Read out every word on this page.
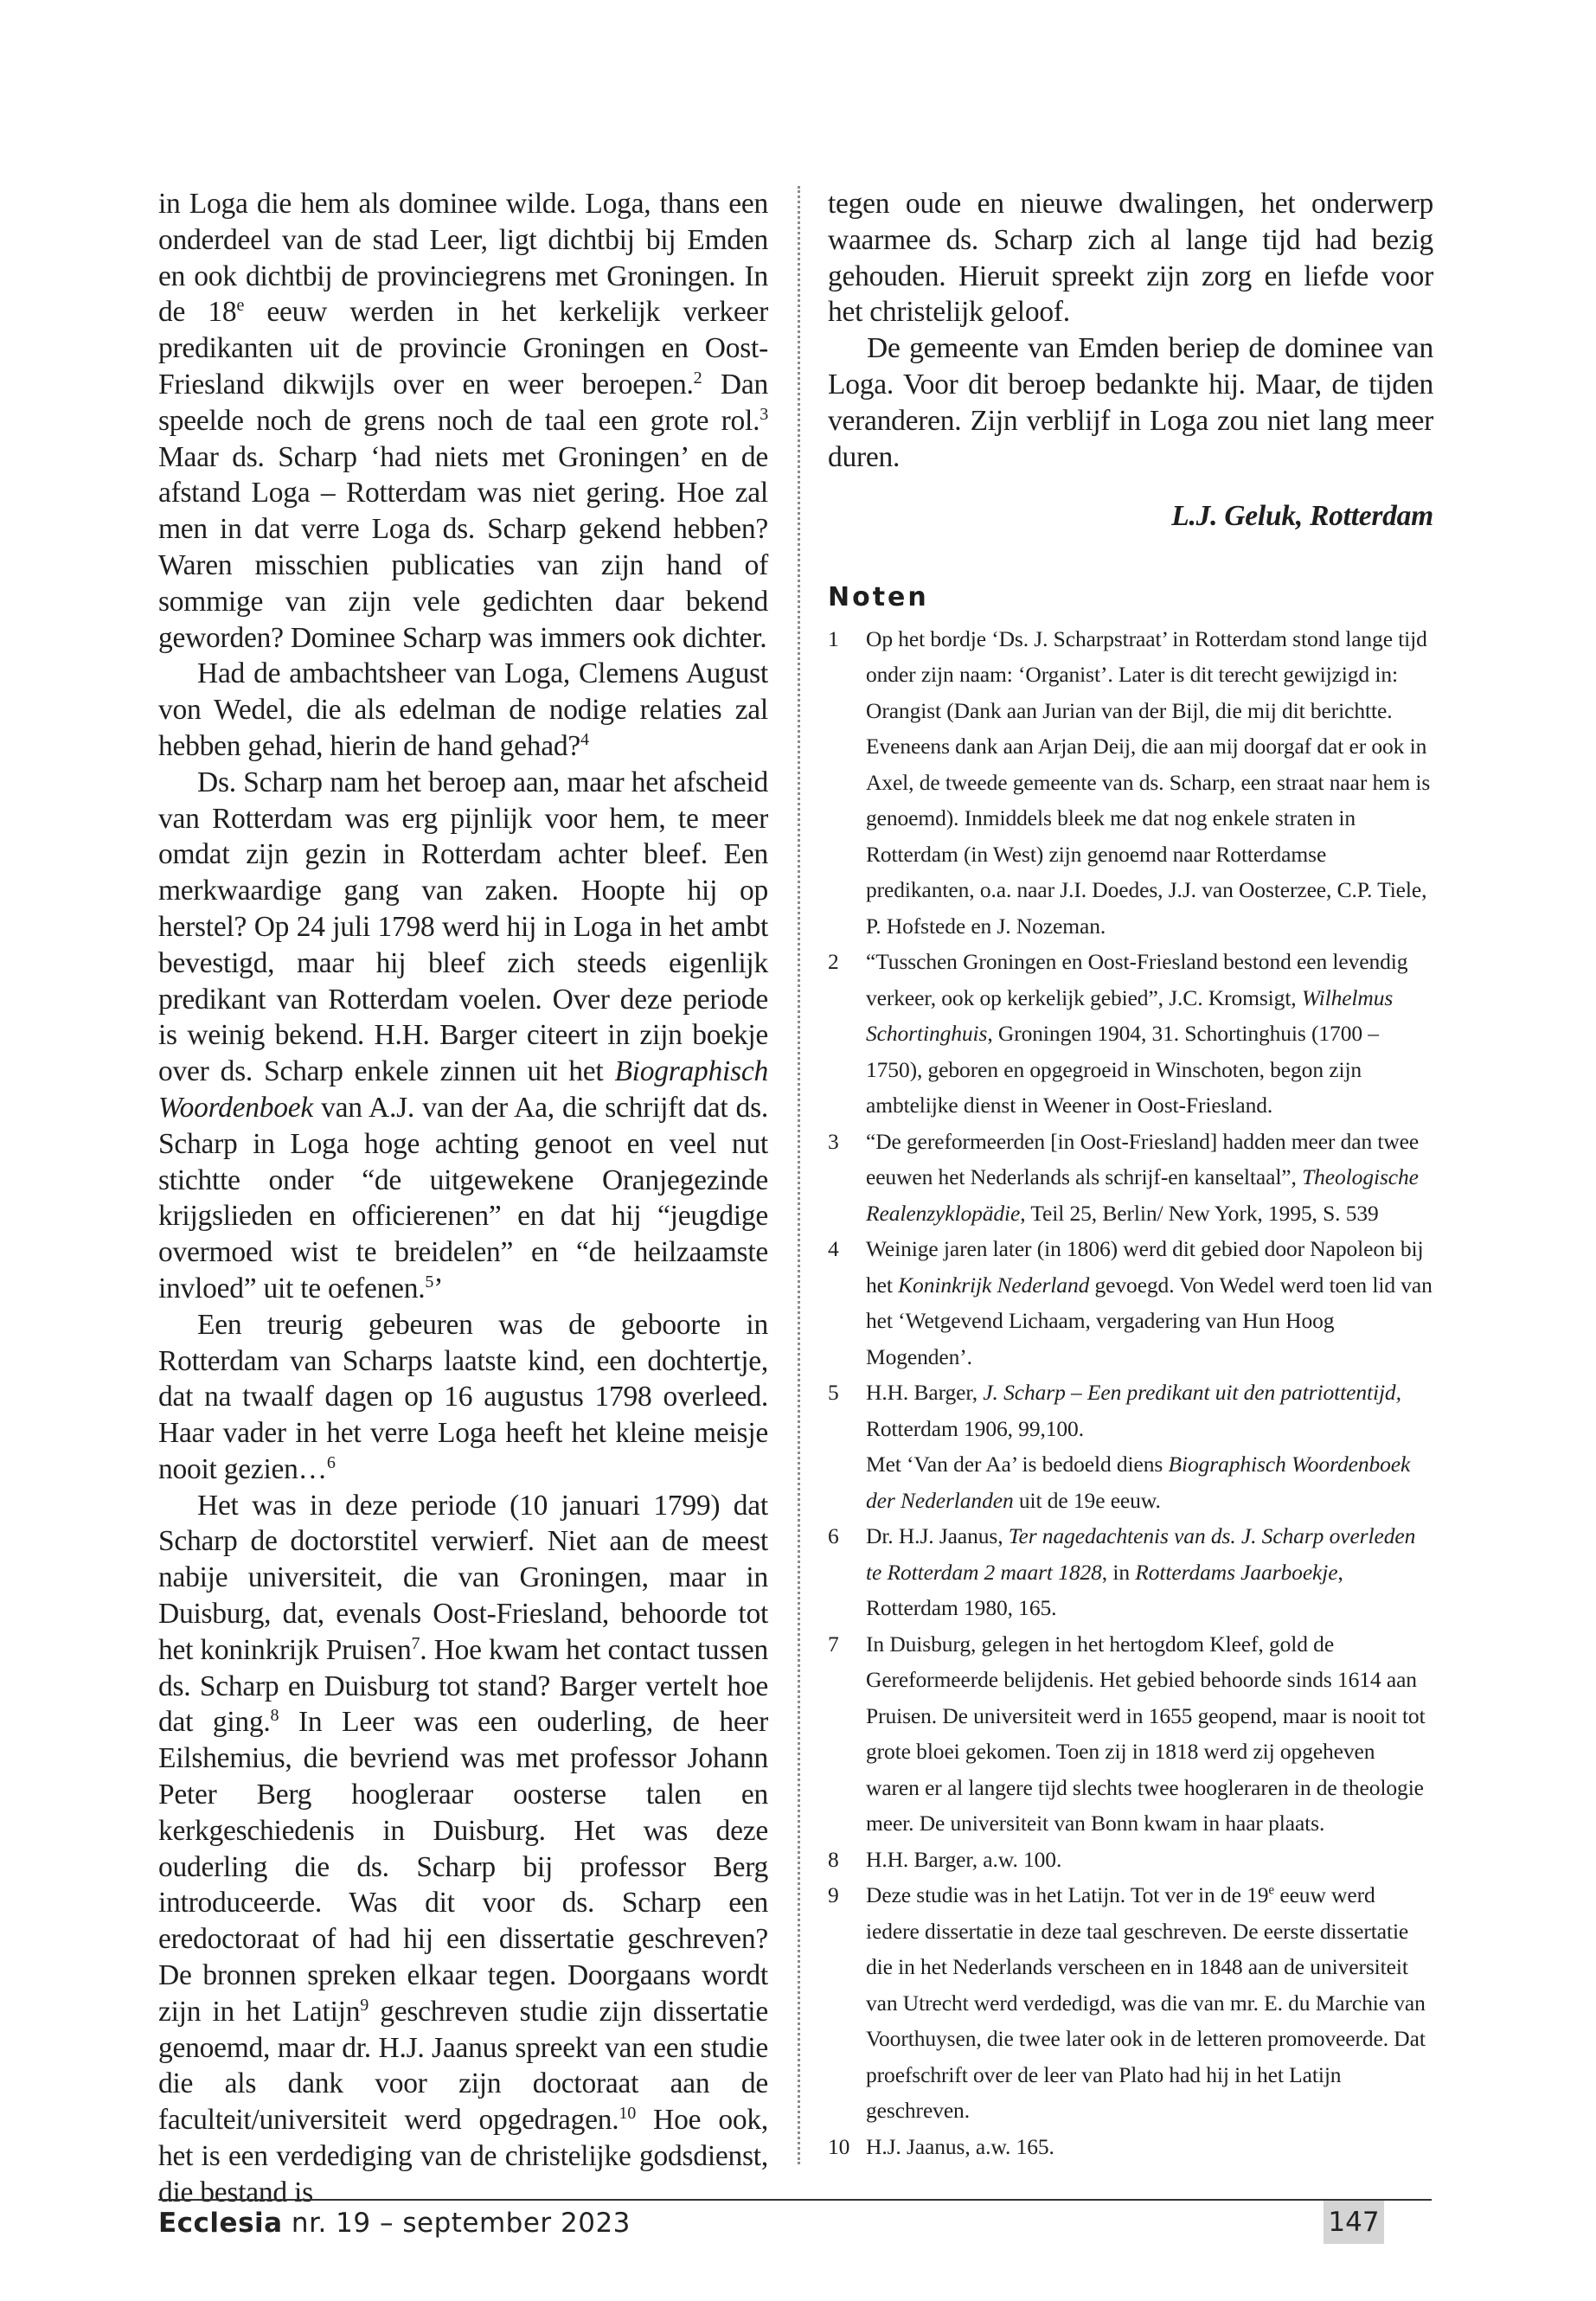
in Loga die hem als dominee wilde. Loga, thans een onderdeel van de stad Leer, ligt dichtbij bij Emden en ook dichtbij de provinciegrens met Groningen. In de 18e eeuw werden in het kerkelijk verkeer predikanten uit de provincie Groningen en Oost-Friesland dikwijls over en weer beroepen.$^2$ Dan speelde noch de grens noch de taal een grote rol.$^3$ Maar ds. Scharp ‘had niets met Groningen’ en de afstand Loga – Rotterdam was niet gering. Hoe zal men in dat verre Loga ds. Scharp gekend hebben? Waren misschien publicaties van zijn hand of sommige van zijn vele gedichten daar bekend geworden? Dominee Scharp was immers ook dichter.

Had de ambachtsheer van Loga, Clemens August von Wedel, die als edelman de nodige relaties zal hebben gehad, hierin de hand gehad?$^4$

Ds. Scharp nam het beroep aan, maar het afscheid van Rotterdam was erg pijnlijk voor hem, te meer omdat zijn gezin in Rotterdam achter bleef. Een merkwaardige gang van zaken. Hoopte hij op herstel? Op 24 juli 1798 werd hij in Loga in het ambt bevestigd, maar hij bleef zich steeds eigenlijk predikant van Rotterdam voelen. Over deze periode is weinig bekend. H.H. Barger citeert in zijn boekje over ds. Scharp enkele zinnen uit het Biographisch Woordenboek van A.J. van der Aa, die schrijft dat ds. Scharp in Loga hoge achting genoot en veel nut stichtte onder “de uitgewekene Oranjegezinde krijgslieden en officierenen” en dat hij “jeugdige overmoed wist te breidelen” en “de heilzaamste invloed” uit te oefenen.$^5$’

Een treurig gebeuren was de geboorte in Rotterdam van Scharps laatste kind, een dochtertje, dat na twaalf dagen op 16 augustus 1798 overleed. Haar vader in het verre Loga heeft het kleine meisje nooit gezien…$^6$

Het was in deze periode (10 januari 1799) dat Scharp de doctorstitel verwierf. Niet aan de meest nabije universiteit, die van Groningen, maar in Duisburg, dat, evenals Oost-Friesland, behoorde tot het koninkrijk Pruisen$^7$. Hoe kwam het contact tussen ds. Scharp en Duisburg tot stand? Barger vertelt hoe dat ging.$^8$ In Leer was een ouderling, de heer Eilshemius, die bevriend was met professor Johann Peter Berg hoogleraar oosterse talen en kerkgeschiedenis in Duisburg. Het was deze ouderling die ds. Scharp bij professor Berg introduceerde. Was dit voor ds. Scharp een eredoctoraat of had hij een dissertatie geschreven? De bronnen spreken elkaar tegen. Doorgaans wordt zijn in het Latijn$^9$ geschreven studie zijn dissertatie genoemd, maar dr. H.J. Jaanus spreekt van een studie die als dank voor zijn doctoraat aan de faculteit/universiteit werd opgedragen.$^{10}$ Hoe ook, het is een verdediging van de christelijke godsdienst, die bestand is

tegen oude en nieuwe dwalingen, het onderwerp waarmee ds. Scharp zich al lange tijd had bezig gehouden. Hieruit spreekt zijn zorg en liefde voor het christelijk geloof.

De gemeente van Emden beriep de dominee van Loga. Voor dit beroep bedankte hij. Maar, de tijden veranderen. Zijn verblijf in Loga zou niet lang meer duren.

L.J. Geluk, Rotterdam
Noten
1	Op het bordje ‘Ds. J. Scharpstraat’ in Rotterdam stond lange tijd onder zijn naam: ‘Organist’. Later is dit terecht gewijzigd in: Orangist (Dank aan Jurian van der Bijl, die mij dit berichtte. Eveneens dank aan Arjan Deij, die aan mij doorgaf dat er ook in Axel, de tweede gemeente van ds. Scharp, een straat naar hem is genoemd). Inmiddels bleek me dat nog enkele straten in Rotterdam (in West) zijn genoemd naar Rotterdamse predikanten, o.a. naar J.I. Doedes, J.J. van Oosterzee, C.P. Tiele, P. Hofstede en J. Nozeman.
2	“Tusschen Groningen en Oost-Friesland bestond een levendig verkeer, ook op kerkelijk gebied”, J.C. Kromsigt, Wilhelmus Schortinghuis, Groningen 1904, 31. Schortinghuis (1700 – 1750), geboren en opgegroeid in Winschoten, begon zijn ambtelijke dienst in Weener in Oost-Friesland.
3	“De gereformeerden [in Oost-Friesland] hadden meer dan twee eeuwen het Nederlands als schrijf-en kanseltaal”, Theologische Realenzyklopädie, Teil 25, Berlin/ New York, 1995, S. 539
4	Weinige jaren later (in 1806) werd dit gebied door Napoleon bij het Koninkrijk Nederland gevoegd. Von Wedel werd toen lid van het ‘Wetgevend Lichaam, vergadering van Hun Hoog Mogenden’.
5	H.H. Barger, J. Scharp – Een predikant uit den patriottentijd, Rotterdam 1906, 99,100.
Met ‘Van der Aa’ is bedoeld diens Biographisch Woordenboek der Nederlanden uit de 19e eeuw.
6	Dr. H.J. Jaanus, Ter nagedachtenis van ds. J. Scharp overleden te Rotterdam 2 maart 1828, in Rotterdams Jaarboekje, Rotterdam 1980, 165.
7	In Duisburg, gelegen in het hertogdom Kleef, gold de Gereformeerde belijdenis. Het gebied behoorde sinds 1614 aan Pruisen. De universiteit werd in 1655 geopend, maar is nooit tot grote bloei gekomen. Toen zij in 1818 werd zij opgeheven waren er al langere tijd slechts twee hoogleraren in de theologie meer. De universiteit van Bonn kwam in haar plaats.
8	H.H. Barger, a.w. 100.
9	Deze studie was in het Latijn. Tot ver in de 19e eeuw werd iedere dissertatie in deze taal geschreven. De eerste dissertatie die in het Nederlands verscheen en in 1848 aan de universiteit van Utrecht werd verdedigd, was die van mr. E. du Marchie van Voorthuysen, die twee later ook in de letteren promoveerde. Dat proefschrift over de leer van Plato had hij in het Latijn geschreven.
10 H.J. Jaanus, a.w. 165.
Ecclesia nr. 19 – september 2023	147
